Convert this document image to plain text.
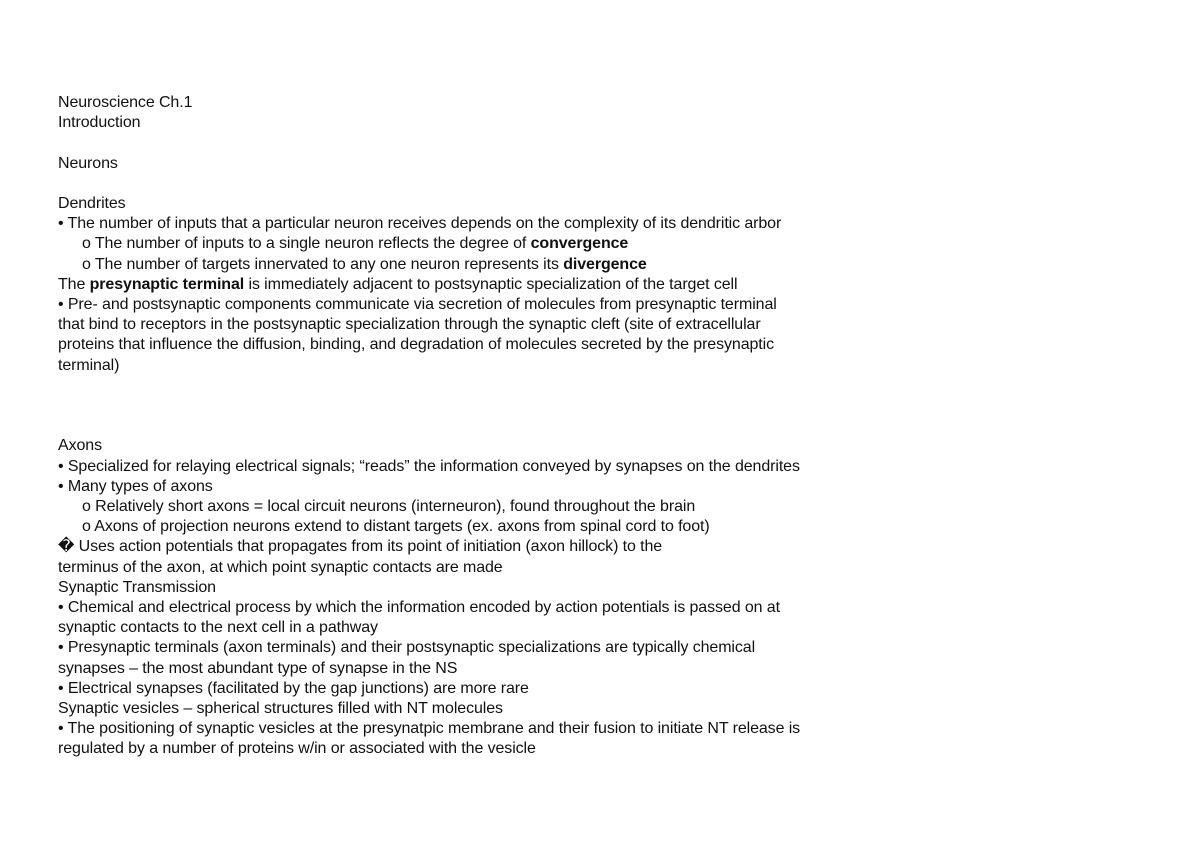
Neuroscience Ch.1
Introduction
Neurons
Dendrites
• The number of inputs that a particular neuron receives depends on the complexity of its dendritic arbor
o The number of inputs to a single neuron reflects the degree of convergence
o The number of targets innervated to any one neuron represents its divergence
The presynaptic terminal is immediately adjacent to postsynaptic specialization of the target cell
• Pre- and postsynaptic components communicate via secretion of molecules from presynaptic terminal
that bind to receptors in the postsynaptic specialization through the synaptic cleft (site of extracellular
proteins that influence the diffusion, binding, and degradation of molecules secreted by the presynaptic
terminal)
Axons
• Specialized for relaying electrical signals; “reads” the information conveyed by synapses on the dendrites
• Many types of axons
o Relatively short axons = local circuit neurons (interneuron), found throughout the brain
o Axons of projection neurons extend to distant targets (ex. axons from spinal cord to foot)
� Uses action potentials that propagates from its point of initiation (axon hillock) to the
terminus of the axon, at which point synaptic contacts are made
Synaptic Transmission
• Chemical and electrical process by which the information encoded by action potentials is passed on at
synaptic contacts to the next cell in a pathway
• Presynaptic terminals (axon terminals) and their postsynaptic specializations are typically chemical
synapses – the most abundant type of synapse in the NS
• Electrical synapses (facilitated by the gap junctions) are more rare
Synaptic vesicles – spherical structures filled with NT molecules
• The positioning of synaptic vesicles at the presynatpic membrane and their fusion to initiate NT release is
regulated by a number of proteins w/in or associated with the vesicle
